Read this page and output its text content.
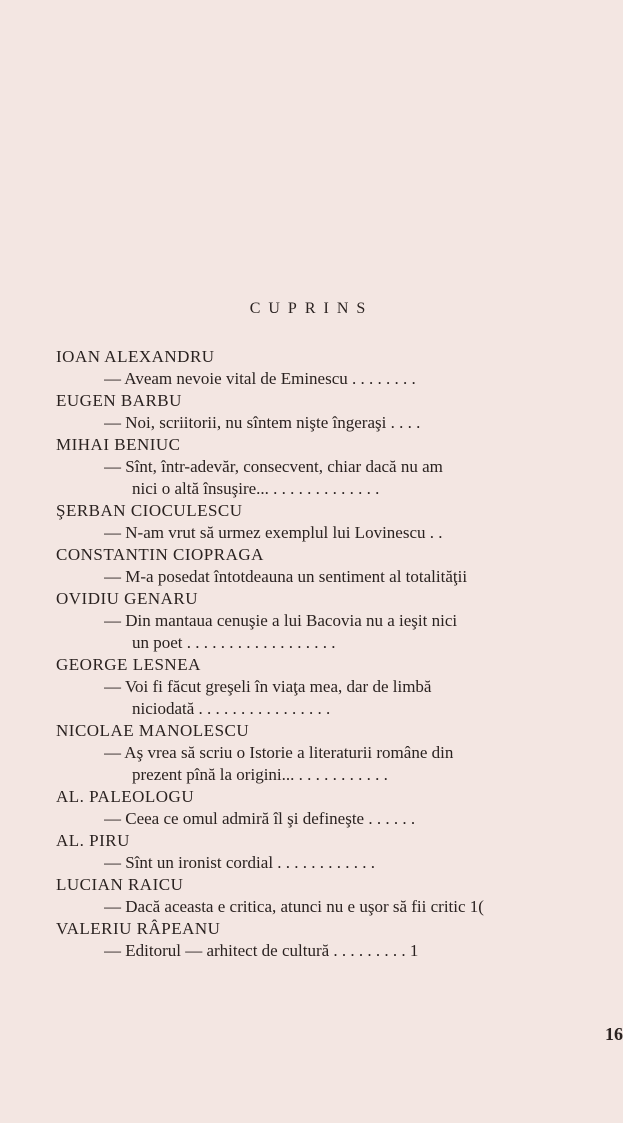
CUPRINS
IOAN ALEXANDRU
— Aveam nevoie vital de Eminescu . . . . . . . .
EUGEN BARBU
— Noi, scriitorii, nu sîntem nişte îngeraşi . . . .
MIHAI BENIUC
— Sînt, într-adevăr, consecvent, chiar dacă nu am
nici o altă însuşire... . . . . . . . . . . . . .
ŞERBAN CIOCULESCU
— N-am vrut să urmez exemplul lui Lovinescu . .
CONSTANTIN CIOPRAGA
— M-a posedat întotdeauna un sentiment al totalităţii
OVIDIU GENARU
— Din mantaua cenuşie a lui Bacovia nu a ieşit nici
un poet . . . . . . . . . . . . . . . . . .
GEORGE LESNEA
— Voi fi făcut greşeli în viaţa mea, dar de limbă
niciodată . . . . . . . . . . . . . . . .
NICOLAE MANOLESCU
— Aş vrea să scriu o Istorie a literaturii române din
prezent pînă la origini... . . . . . . . . . . .
AL. PALEOLOGU
— Ceea ce omul admiră îl şi defineşte . . . . . .
AL. PIRU
— Sînt un ironist cordial . . . . . . . . . . . .
LUCIAN RAICU
— Dacă aceasta e critica, atunci nu e uşor să fii critic 1(
VALERIU RÂPEANU
— Editorul — arhitect de cultură . . . . . . . . . 1
16
